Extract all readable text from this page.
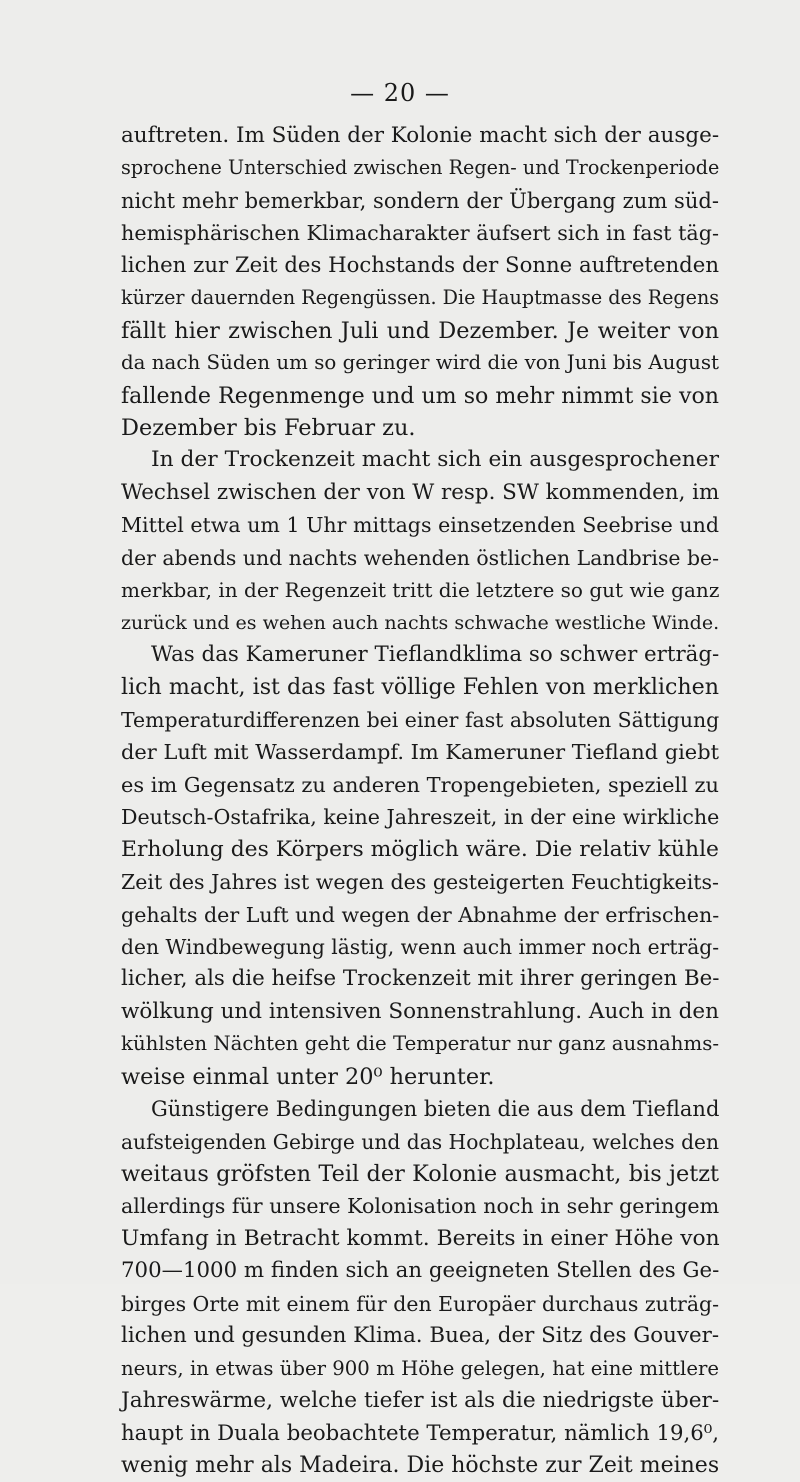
— 20 —
auftreten. Im Süden der Kolonie macht sich der ausge-
sprochene Unterschied zwischen Regen- und Trockenperiode
nicht mehr bemerkbar, sondern der Übergang zum süd-
hemisphärischen Klimacharakter äufsert sich in fast täg-
lichen zur Zeit des Hochstands der Sonne auftretenden
kürzer dauernden Regengüssen. Die Hauptmasse des Regens
fällt hier zwischen Juli und Dezember. Je weiter von
da nach Süden um so geringer wird die von Juni bis August
fallende Regenmenge und um so mehr nimmt sie von
Dezember bis Februar zu.
In der Trockenzeit macht sich ein ausgesprochener
Wechsel zwischen der von W resp. SW kommenden, im
Mittel etwa um 1 Uhr mittags einsetzenden Seebrise und
der abends und nachts wehenden östlichen Landbrise be-
merkbar, in der Regenzeit tritt die letztere so gut wie ganz
zurück und es wehen auch nachts schwache westliche Winde.
Was das Kameruner Tieflandklima so schwer erträg-
lich macht, ist das fast völlige Fehlen von merklichen
Temperaturdifferenzen bei einer fast absoluten Sättigung
der Luft mit Wasserdampf. Im Kameruner Tiefland giebt
es im Gegensatz zu anderen Tropengebieten, speziell zu
Deutsch-Ostafrika, keine Jahreszeit, in der eine wirkliche
Erholung des Körpers möglich wäre. Die relativ kühle
Zeit des Jahres ist wegen des gesteigerten Feuchtigkeits-
gehalts der Luft und wegen der Abnahme der erfrischen-
den Windbewegung lästig, wenn auch immer noch erträg-
licher, als die heifse Trockenzeit mit ihrer geringen Be-
wölkung und intensiven Sonnenstrahlung. Auch in den
kühlsten Nächten geht die Temperatur nur ganz ausnahms-
weise einmal unter 20⁰ herunter.
Günstigere Bedingungen bieten die aus dem Tiefland
aufsteigenden Gebirge und das Hochplateau, welches den
weitaus gröfsten Teil der Kolonie ausmacht, bis jetzt
allerdings für unsere Kolonisation noch in sehr geringem
Umfang in Betracht kommt. Bereits in einer Höhe von
700—1000 m finden sich an geeigneten Stellen des Ge-
birges Orte mit einem für den Europäer durchaus zuträg-
lichen und gesunden Klima. Buea, der Sitz des Gouver-
neurs, in etwas über 900 m Höhe gelegen, hat eine mittlere
Jahreswärme, welche tiefer ist als die niedrigste über-
haupt in Duala beobachtete Temperatur, nämlich 19,6⁰,
wenig mehr als Madeira. Die höchste zur Zeit meines
